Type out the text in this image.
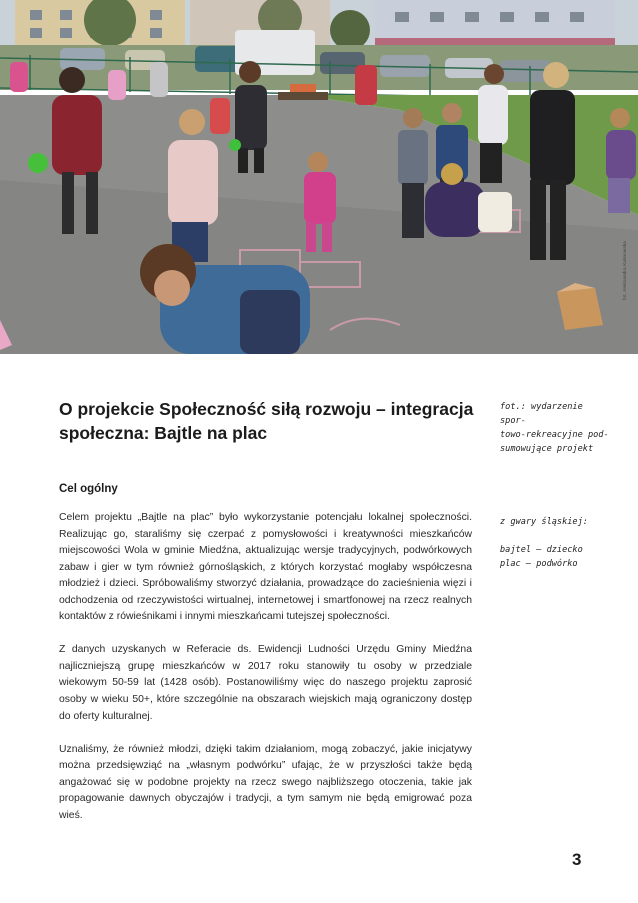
fot. Aleksandra Kalinowska
O projekcie Społeczność siłą rozwoju – integracja społeczna: Bajtle na plac
Cel ogólny

Celem projektu „Bajtle na plac” było wykorzystanie potencjału lokalnej społeczności. Realizując go, staraliśmy się czerpać z pomysłowości i kreatywności mieszkańców miejscowości Wola w gminie Miedźna, aktualizując wersje tradycyjnych, podwórkowych zabaw i gier w tym również górnośląskich, z których korzystać mogłaby współczesna młodzież i dzieci. Spróbowaliśmy stworzyć działania, prowadzące do zacieśnienia więzi i odchodzenia od rzeczywistości wirtualnej, internetowej i smartfonowej na rzecz realnych kontaktów z rówieśnikami i innymi mieszkańcami tutejszej społeczności.

Z danych uzyskanych w Referacie ds. Ewidencji Ludności Urzędu Gminy Miedźna najliczniejszą grupę mieszkańców w 2017 roku stanowiły tu osoby w przedziale wiekowym 50-59 lat (1428 osób). Postanowiliśmy więc do naszego projektu zaprosić osoby w wieku 50+, które szczególnie na obszarach wiejskich mają ograniczony dostęp do oferty kulturalnej.

Uznaliśmy, że również młodzi, dzięki takim działaniom, mogą zobaczyć, jakie inicjatywy można przedsięwziąć na „własnym podwórku” ufając, że w przyszłości także będą angażować się w podobne projekty na rzecz swego najbliższego otoczenia, takie jak propagowanie dawnych obyczajów i tradycji, a tym samym nie będą emigrować poza wieś.

fot.: wydarzenie spor-

towo-rekreacyjne pod-

sumowujące projekt

z gwary śląskiej:

bajtel – dziecko

plac – podwórko

3
